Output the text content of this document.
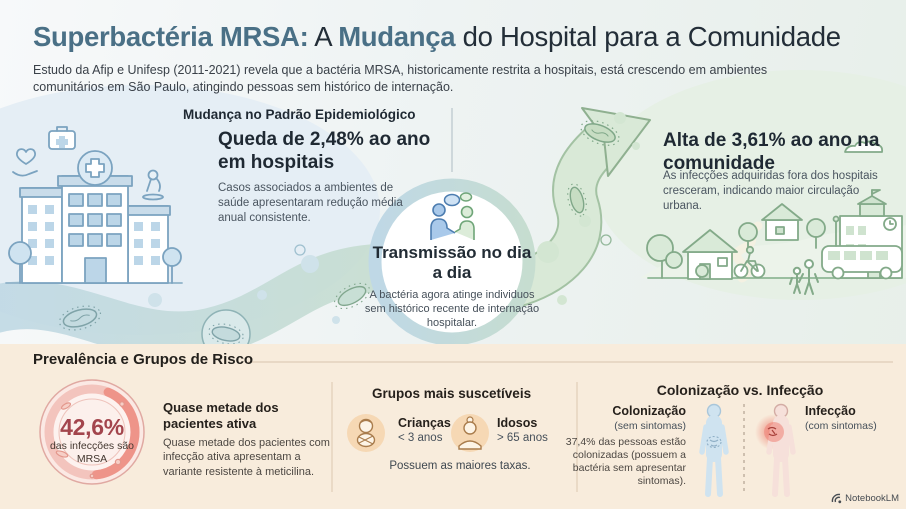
Superbactéria MRSA: A Mudança do Hospital para a Comunidade
Estudo da Afip e Unifesp (2011-2021) revela que a bactéria MRSA, historicamente restrita a hospitais, está crescendo em ambientes comunitários em São Paulo, atingindo pessoas sem histórico de internação.
Mudança no Padrão Epidemiológico
Queda de 2,48% ao ano em hospitais
Casos associados a ambientes de saúde apresentaram redução média anual consistente.
Transmissão no dia a dia
A bactéria agora atinge individuos sem histórico recente de internação hospitalar.
Alta de 3,61% ao ano na comunidade
As infecções adquiridas fora dos hospitais cresceram, indicando maior circulação urbana.
Prevalência e Grupos de Risco
42,6%
das infecções são MRSA
Quase metade dos pacientes ativa
Quase metade dos pacientes com infecção ativa apresentam a variante resistente à meticilina.
Grupos mais suscetíveis
Crianças
< 3 anos
Idosos
> 65 anos
Possuem as maiores taxas.
Colonização vs. Infecção
Colonização
(sem sintomas)
37,4% das pessoas estão colonizadas (possuem a bactéria sem apresentar sintomas).
Infecção
(com sintomas)
NotebookLM
